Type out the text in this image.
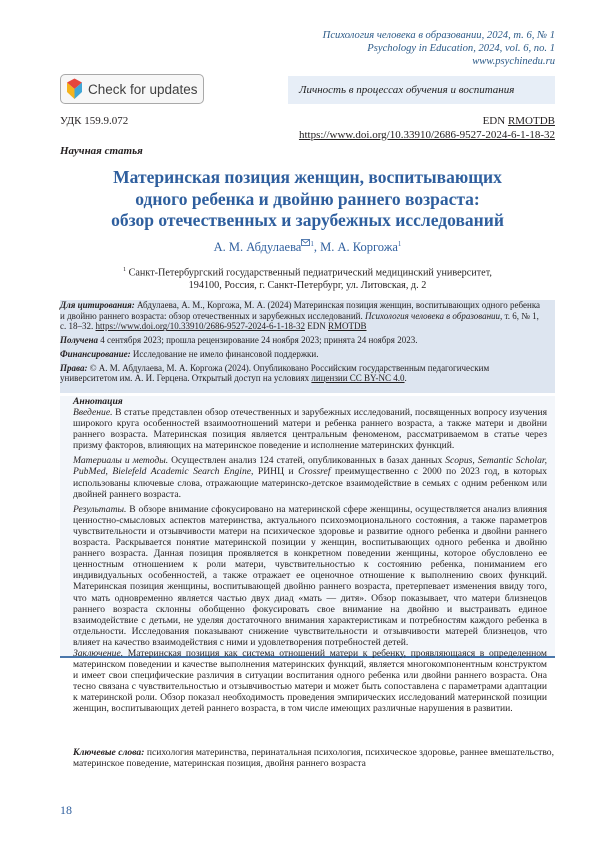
Психология человека в образовании, 2024, т. 6, № 1
Psychology in Education, 2024, vol. 6, no. 1
www.psychinedu.ru
Check for updates	Личность в процессах обучения и воспитания
УДК 159.9.072	EDN RMOTDB
https://www.doi.org/10.33910/2686-9527-2024-6-1-18-32
Научная статья
Материнская позиция женщин, воспитывающих
одного ребенка и двойню раннего возраста:
обзор отечественных и зарубежных исследований
А. М. Абдулаева $^1$, М. А. Коргожа$^1$
$^1$ Санкт-Петербургский государственный педиатрический медицинский университет,
194100, Россия, г. Санкт-Петербург, ул. Литовская, д. 2

Для цитирования: Абдулаева, А. М., Коргожа, М. А. (2024) Материнская позиция женщин, воспитывающих одного ребенка и двойню раннего возраста: обзор отечественных и зарубежных исследований. Психология человека в образовании, т. 6, № 1, с. 18–32. https://www.doi.org/10.33910/2686-9527-2024-6-1-18-32 EDN RMOTDB

Получена 4 сентября 2023; прошла рецензирование 24 ноября 2023; принята 24 ноября 2023.

Финансирование: Исследование не имело финансовой поддержки.

Права: © А. М. Абдулаева, М. А. Коргожа (2024). Опубликовано Российским государственным педагогическим университетом им. А. И. Герцена. Открытый доступ на условиях лицензии CC BY-NC 4.0.

Аннотация

Введение. В статье представлен обзор отечественных и зарубежных исследований, посвященных вопросу изучения широкого круга особенностей взаимоотношений матери и ребенка раннего возраста, а также матери и двойни раннего возраста. Материнская позиция является центральным феноменом, рассматриваемом в статье через призму факторов, влияющих на материнское поведение и исполнение материнских функций.

Материалы и методы. Осуществлен анализ 124 статей, опубликованных в базах данных Scopus, Semantic Scholar, PubMed, Bielefeld Academic Search Engine, РИНЦ и Crossref преимущественно с 2000 по 2023 год, в которых использованы ключевые слова, отражающие материнско-детское взаимодействие в семьях с одним ребенком или двойней раннего возраста.

Результаты. В обзоре внимание сфокусировано на материнской сфере женщины, осуществляется анализ влияния ценностно-смысловых аспектов материнства, актуального психоэмоционального состояния, а также параметров чувствительности и отзывчивости матери на психическое здоровье и развитие одного ребенка и двойни раннего возраста. Раскрывается понятие материнской позиции у женщин, воспитывающих одного ребенка и двойню раннего возраста. Данная позиция проявляется в конкретном поведении женщины, которое обусловлено ее ценностным отношением к роли матери, чувствительностью к состоянию ребенка, пониманием его индивидуальных особенностей, а также отражает ее оценочное отношение к выполнению своих функций. Материнская позиция женщины, воспитывающей двойню раннего возраста, претерпевает изменения ввиду того, что мать одновременно является частью двух диад «мать — дитя». Обзор показывает, что матери близнецов раннего возраста склонны обобщенно фокусировать свое внимание на двойню и выстраивать единое взаимодействие с детьми, не уделяя достаточного внимания характеристикам и потребностям каждого ребенка в отдельности. Исследования показывают снижение чувствительности и отзывчивости матерей близнецов, что влияет на качество взаимодействия с ними и удовлетворения потребностей детей.

Заключение. Материнская позиция как система отношений матери к ребенку, проявляющаяся в определенном материнском поведении и качестве выполнения материнских функций, является многокомпонентным конструктом и имеет свои специфические различия в ситуации воспитания одного ребенка или двойни раннего возраста. Она тесно связана с чувствительностью и отзывчивостью матери и может быть сопоставлена с параметрами адаптации к материнской роли. Обзор показал необходимость проведения эмпирических исследований материнской позиции женщин, воспитывающих детей раннего возраста, в том числе имеющих различные нарушения в развитии.

Ключевые слова: психология материнства, перинатальная психология, психическое здоровье, раннее вмешательство, материнское поведение, материнская позиция, двойня раннего возраста
18
